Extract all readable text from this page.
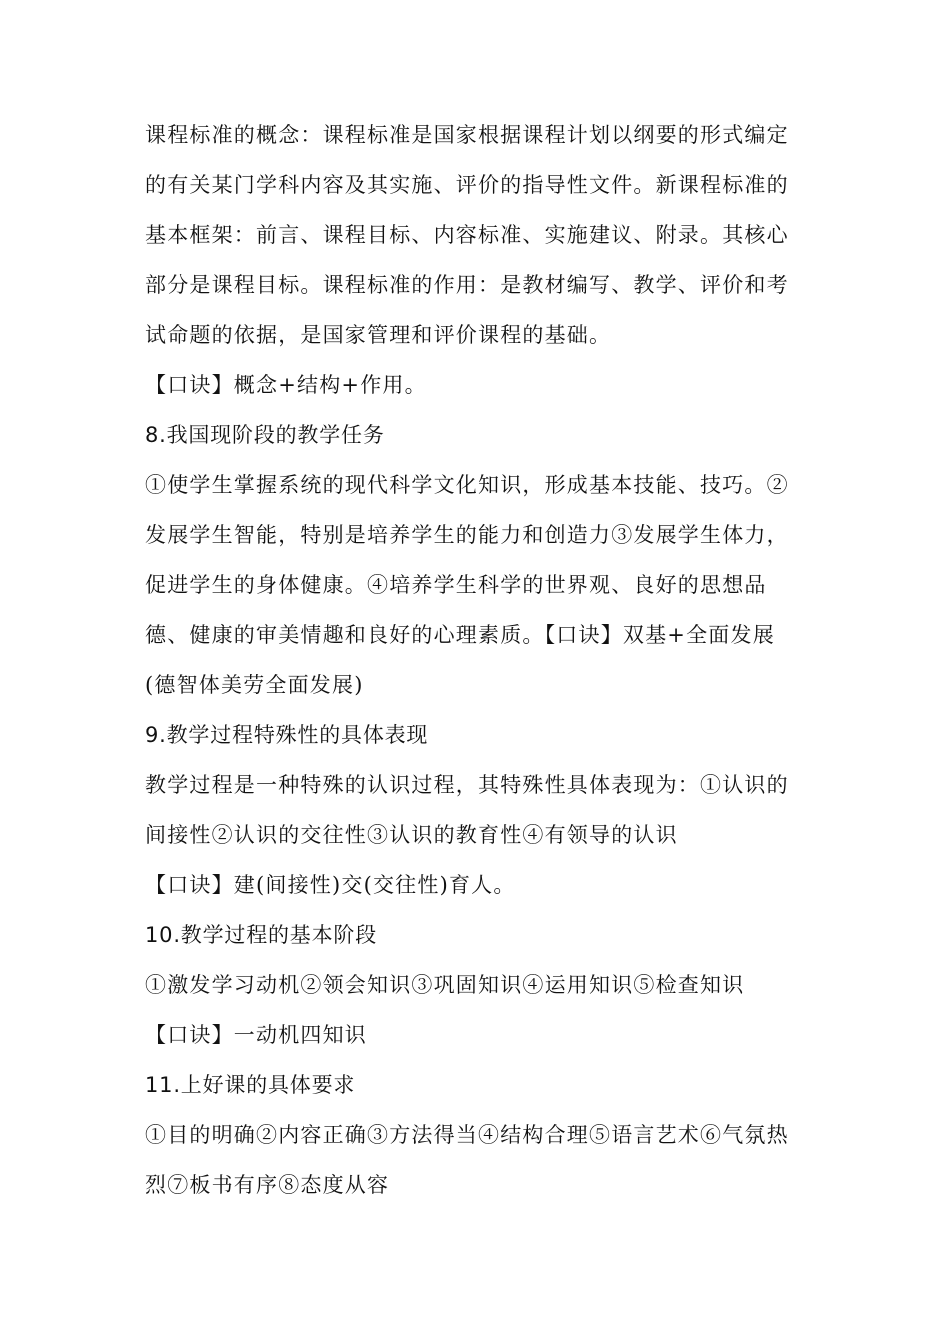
课程标准的概念：课程标准是国家根据课程计划以纲要的形式编定
的有关某门学科内容及其实施、评价的指导性文件。新课程标准的
基本框架：前言、课程目标、内容标准、实施建议、附录。其核心
部分是课程目标。课程标准的作用：是教材编写、教学、评价和考
试命题的依据，是国家管理和评价课程的基础。
【口诀】概念+结构+作用。
8.我国现阶段的教学任务
①使学生掌握系统的现代科学文化知识，形成基本技能、技巧。②
发展学生智能，特别是培养学生的能力和创造力③发展学生体力，
促进学生的身体健康。④培养学生科学的世界观、良好的思想品
德、健康的审美情趣和良好的心理素质。【口诀】双基+全面发展
(德智体美劳全面发展)
9.教学过程特殊性的具体表现
教学过程是一种特殊的认识过程，其特殊性具体表现为：①认识的
间接性②认识的交往性③认识的教育性④有领导的认识
【口诀】建(间接性)交(交往性)育人。
10.教学过程的基本阶段
①激发学习动机②领会知识③巩固知识④运用知识⑤检查知识
【口诀】一动机四知识
11.上好课的具体要求
①目的明确②内容正确③方法得当④结构合理⑤语言艺术⑥气氛热
烈⑦板书有序⑧态度从容
